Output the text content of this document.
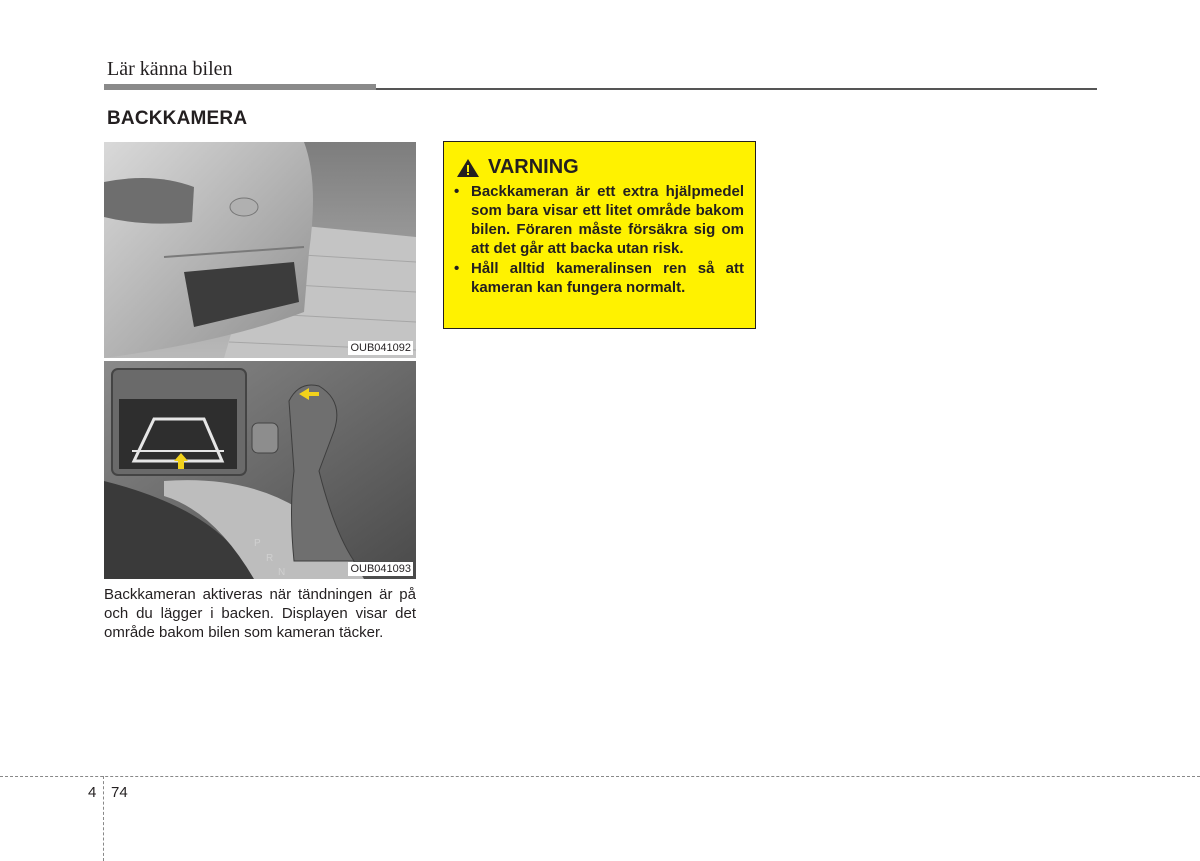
Lär känna bilen
BACKKAMERA
OUB041092
P
R
N	OUB041093
Backkameran aktiveras när tändningen är på och du lägger i backen. Displayen visar det område bakom bilen som kameran täcker.
VARNING
• Backkameran är ett extra hjälpmedel som bara visar ett litet område bakom bilen. Föraren måste försäkra sig om att det går att backa utan risk.
• Håll alltid kameralinsen ren så att kameran kan fungera normalt.
4 74
